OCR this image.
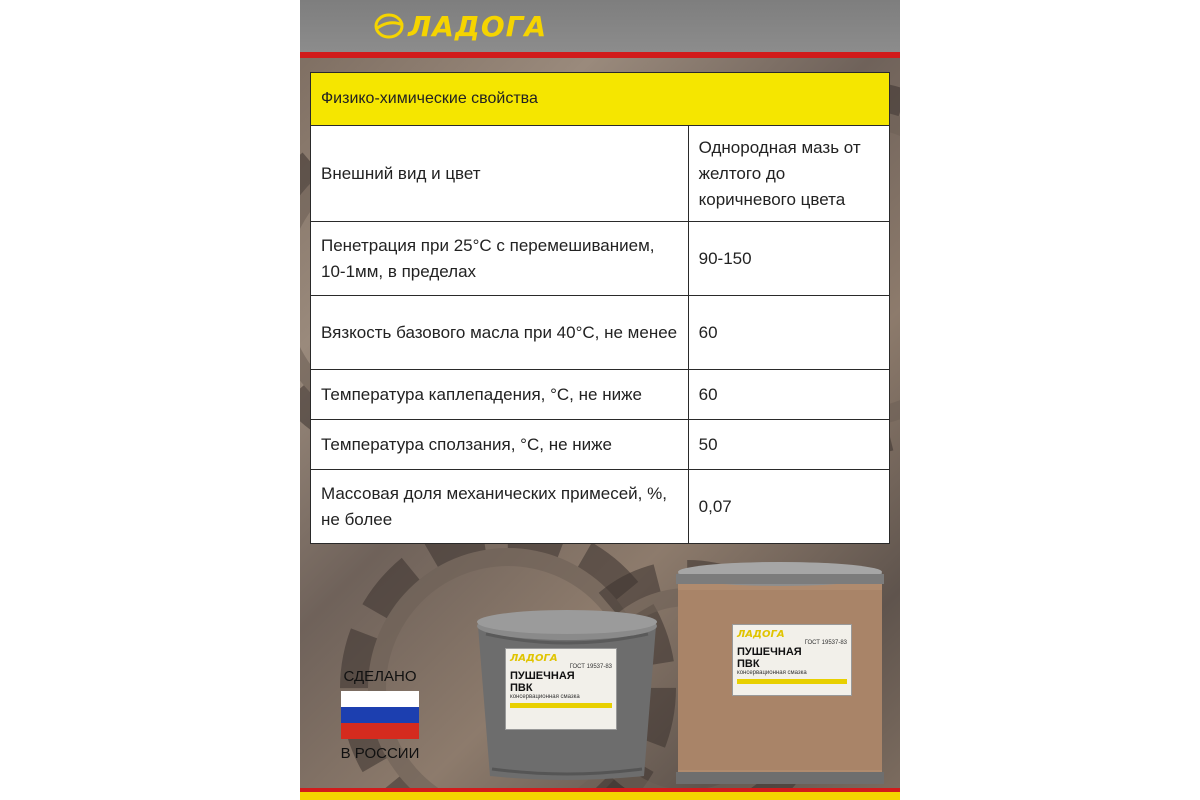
ЛАДОГА
Физико-химические свойства	
Внешний вид и цвет	Однородная мазь от желтого до коричневого цвета
Пенетрация при 25°С с перемешиванием, 10-1мм, в пределах	90-150
Вязкость базового масла при 40°С, не менее	60
Температура каплепадения, °С, не ниже	60
Температура сползания, °С, не ниже	50
Массовая доля механических примесей, %, не более	0,07
СДЕЛАНО
В РОССИИ
ЛАДОГА
ГОСТ 19537-83
ПУШЕЧНАЯ
ПВК
консервационная смазка
ЛАДОГА
ГОСТ 19537-83
ПУШЕЧНАЯ
ПВК
консервационная смазка
